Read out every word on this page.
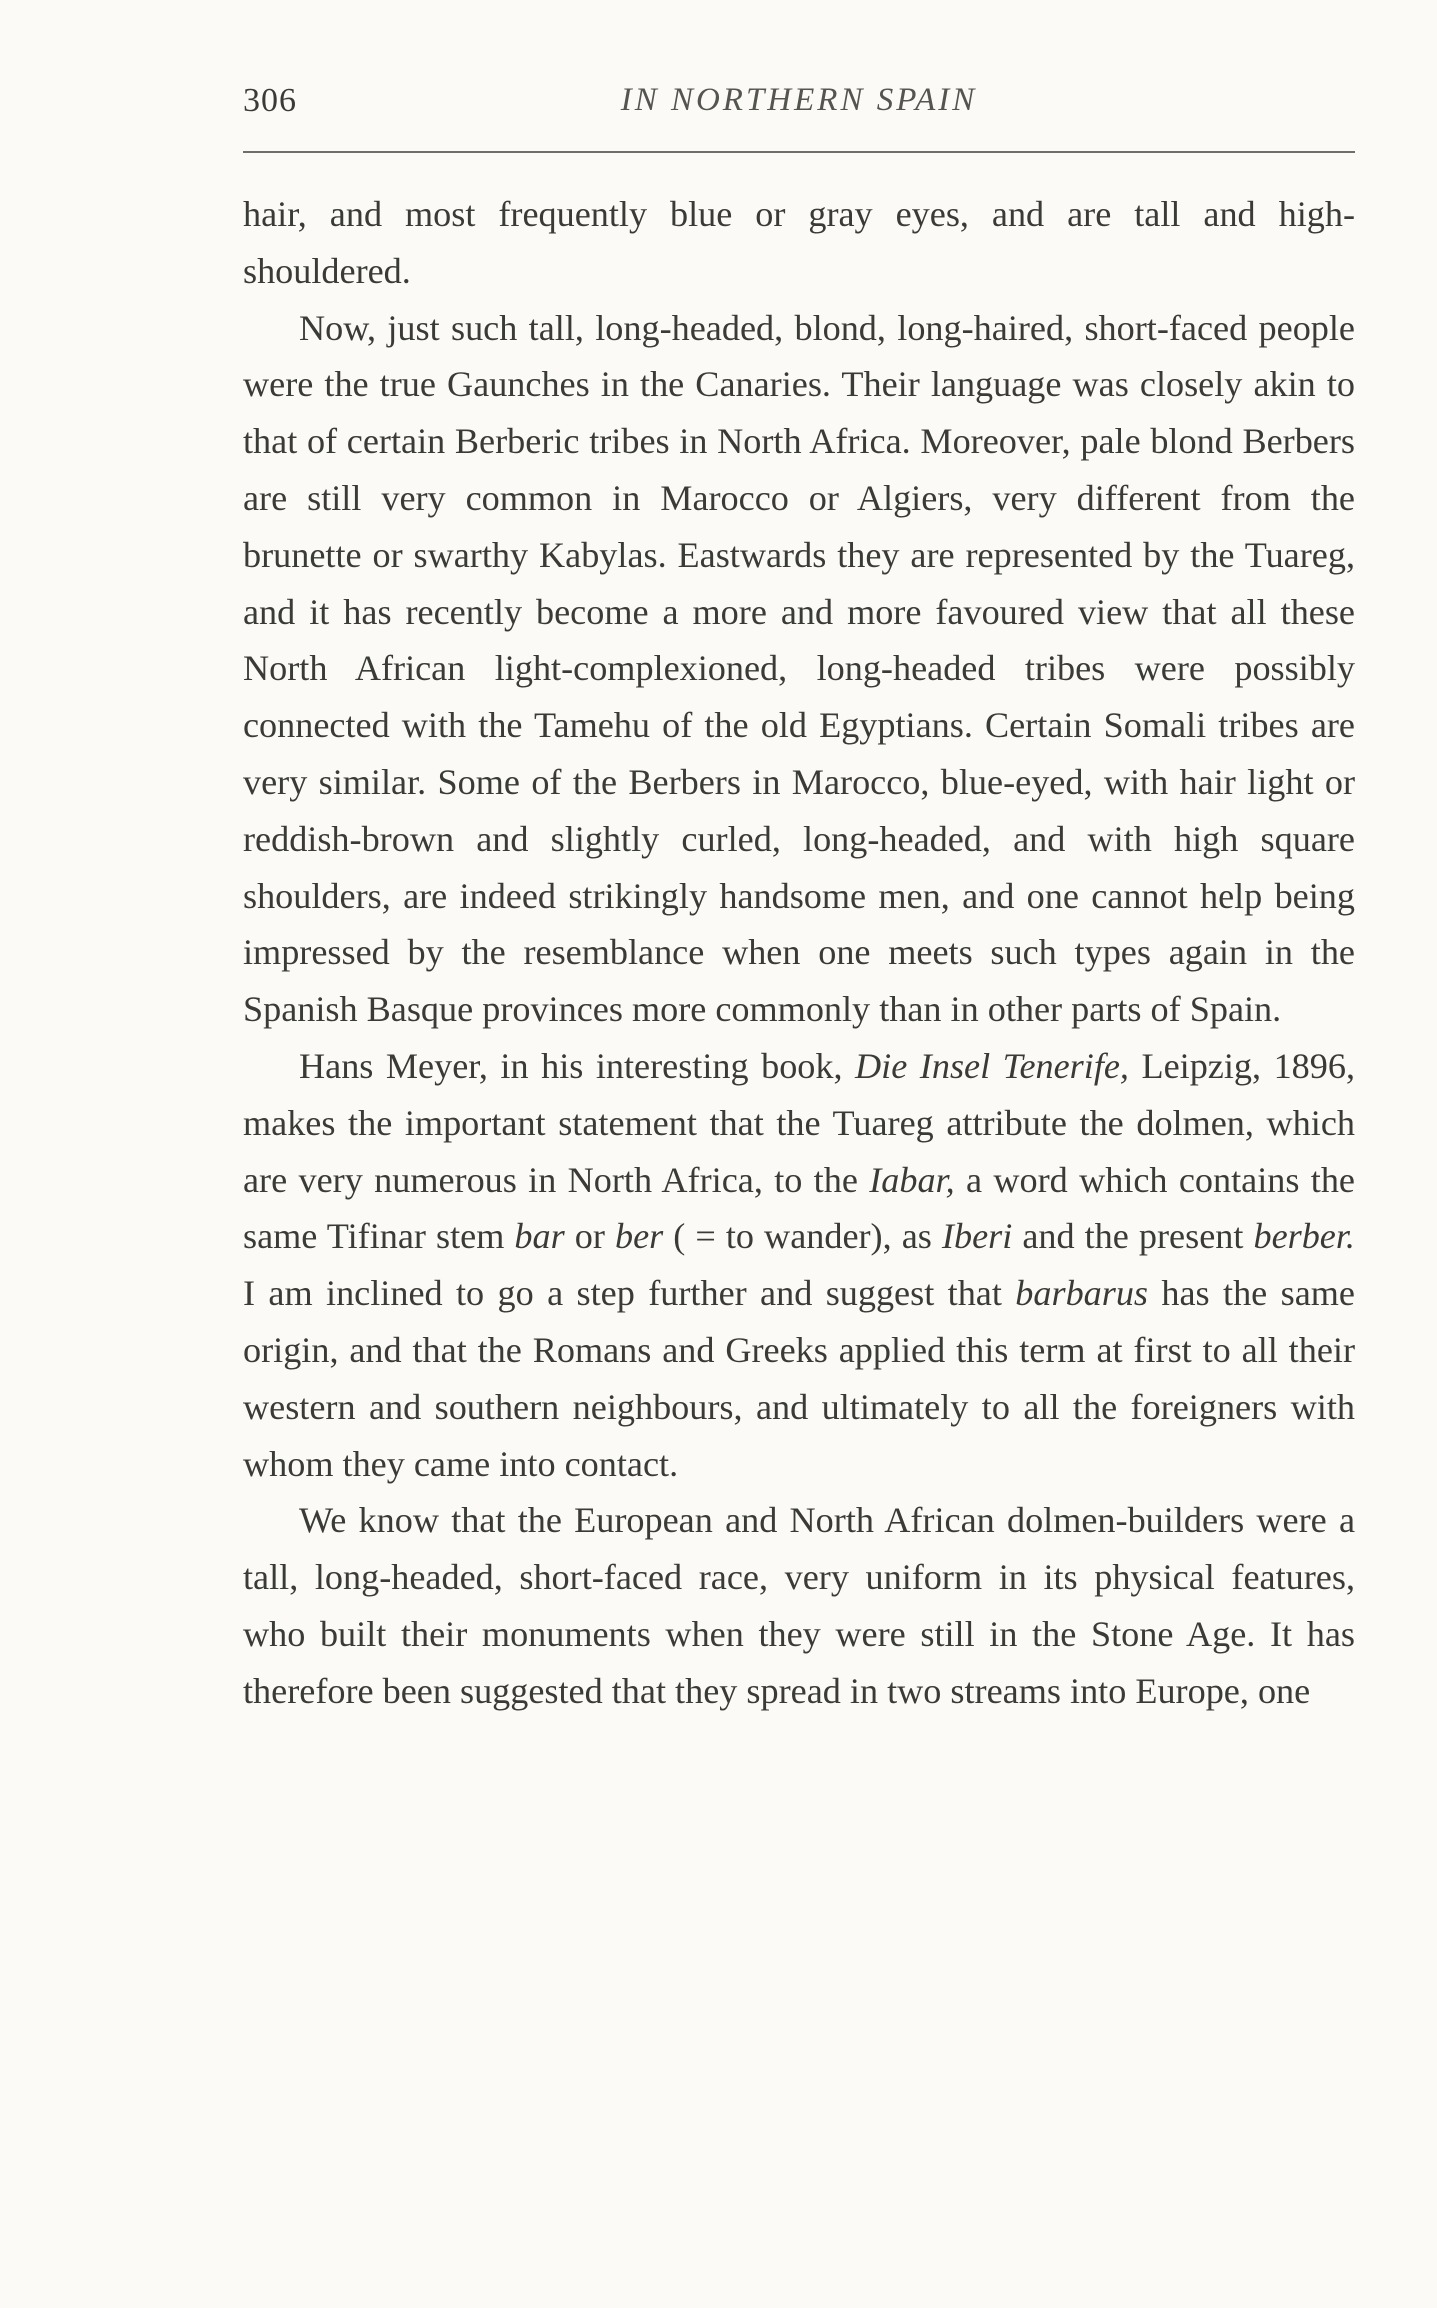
306	IN NORTHERN SPAIN

hair, and most frequently blue or gray eyes, and are tall and high-shouldered.

Now, just such tall, long-headed, blond, long-haired, short-faced people were the true Gaunches in the Canaries. Their language was closely akin to that of certain Berberic tribes in North Africa. Moreover, pale blond Berbers are still very common in Marocco or Algiers, very different from the brunette or swarthy Kabylas. Eastwards they are represented by the Tuareg, and it has recently become a more and more favoured view that all these North African light-complexioned, long-headed tribes were possibly connected with the Tamehu of the old Egyptians. Certain Somali tribes are very similar. Some of the Berbers in Marocco, blue-eyed, with hair light or reddish-brown and slightly curled, long-headed, and with high square shoulders, are indeed strikingly handsome men, and one cannot help being impressed by the resemblance when one meets such types again in the Spanish Basque provinces more commonly than in other parts of Spain.

Hans Meyer, in his interesting book, Die Insel Tenerife, Leipzig, 1896, makes the important statement that the Tuareg attribute the dolmen, which are very numerous in North Africa, to the Iabar, a word which contains the same Tifinar stem bar or ber ( = to wander), as Iberi and the present berber. I am inclined to go a step further and suggest that barbarus has the same origin, and that the Romans and Greeks applied this term at first to all their western and southern neighbours, and ultimately to all the foreigners with whom they came into contact.

We know that the European and North African dolmen-builders were a tall, long-headed, short-faced race, very uniform in its physical features, who built their monuments when they were still in the Stone Age. It has therefore been suggested that they spread in two streams into Europe, one
